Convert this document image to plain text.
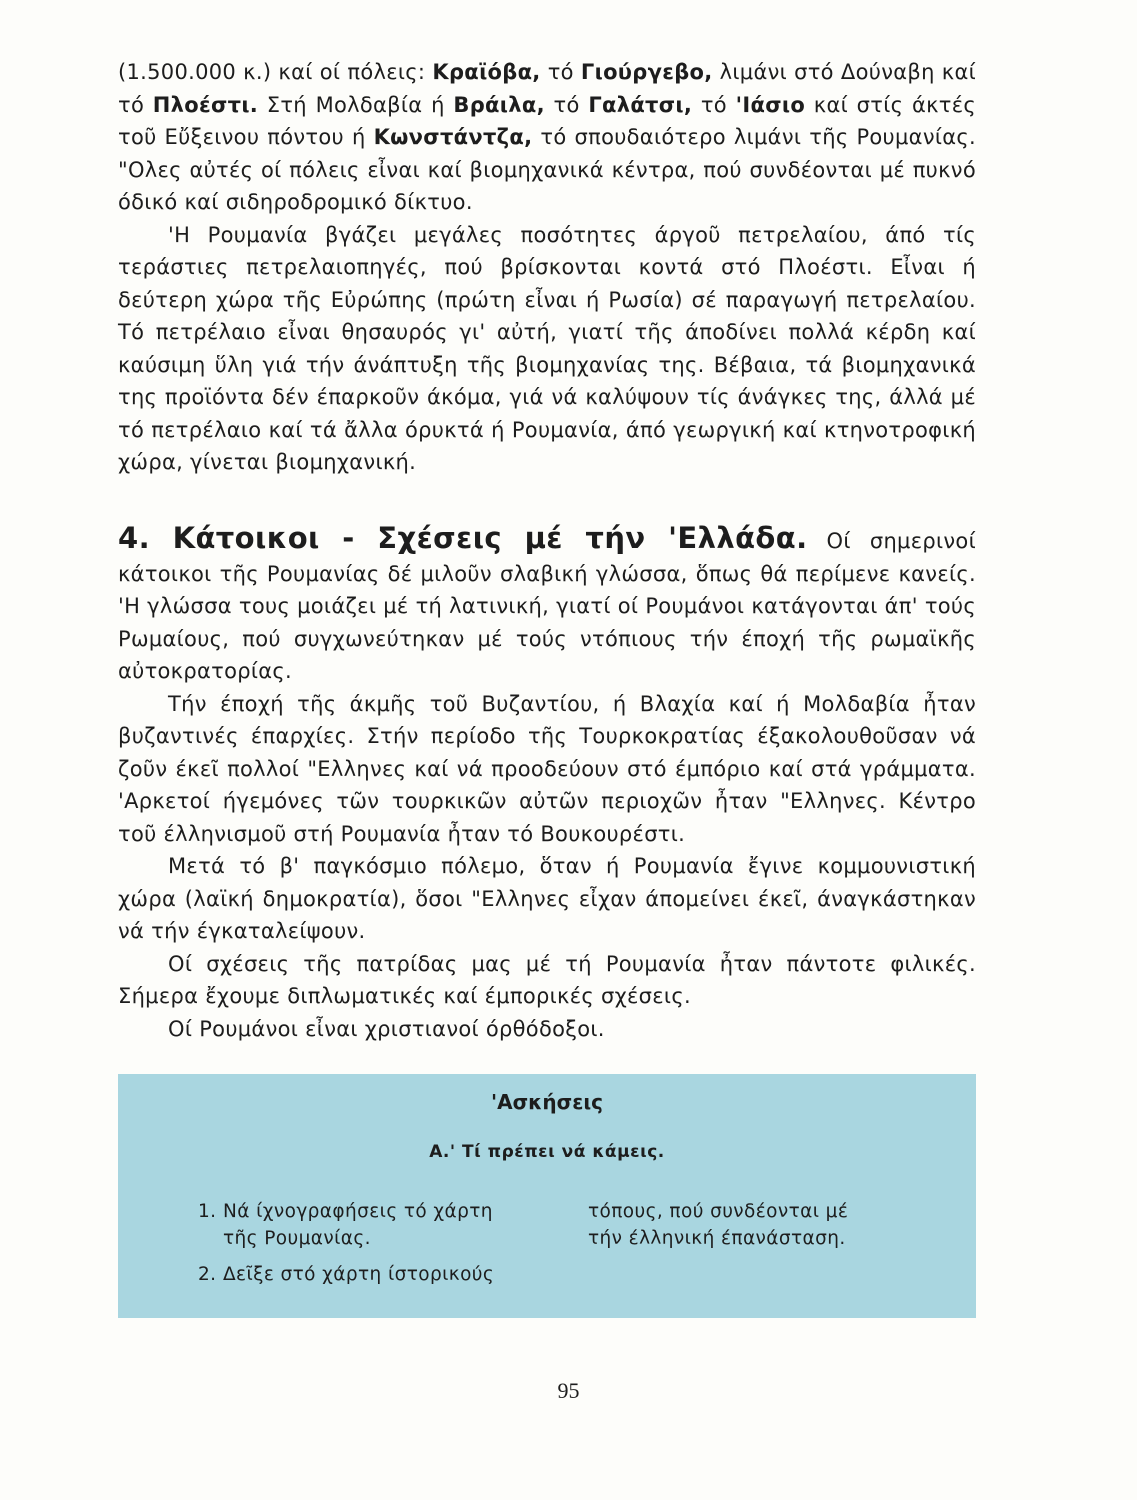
(1.500.000 κ.) καί οί πόλεις: Κραϊόβα, τό Γιούργεβο, λιμάνι στό Δούναβη καί τό Πλοέστι. Στή Μολδαβία ή Βράιλα, τό Γαλάτσι, τό 'Ιάσιο καί στίς άκτές τοῦ Εὔξεινου πόντου ή Κωνστάντζα, τό σπουδαιότερο λιμάνι τῆς Ρουμανίας. "Ολες αὐτές οί πόλεις εἶναι καί βιομηχανικά κέντρα, πού συνδέονται μέ πυκνό όδικό καί σιδηροδρομικό δίκτυο.

'Η Ρουμανία βγάζει μεγάλες ποσότητες άργοῦ πετρελαίου, άπό τίς τεράστιες πετρελαιοπηγές, πού βρίσκονται κοντά στό Πλοέστι. Εἶναι ή δεύτερη χώρα τῆς Εὐρώπης (πρώτη εἶναι ή Ρωσία) σέ παραγωγή πετρελαίου. Τό πετρέλαιο εἶναι θησαυρός γι' αὐτή, γιατί τῆς άποδίνει πολλά κέρδη καί καύσιμη ὕλη γιά τήν άνάπτυξη τῆς βιομηχανίας της. Βέβαια, τά βιομηχανικά της προϊόντα δέν έπαρκοῦν άκόμα, γιά νά καλύψουν τίς άνάγκες της, άλλά μέ τό πετρέλαιο καί τά ἄλλα όρυκτά ή Ρουμανία, άπό γεωργική καί κτηνοτροφική χώρα, γίνεται βιομηχανική.

4. Κάτοικοι - Σχέσεις μέ τήν 'Ελλάδα. Οί σημερινοί κάτοικοι τῆς Ρουμανίας δέ μιλοῦν σλαβική γλώσσα, ὅπως θά περίμενε κανείς. 'Η γλώσσα τους μοιάζει μέ τή λατινική, γιατί οί Ρουμάνοι κατάγονται άπ' τούς Ρωμαίους, πού συγχωνεύτηκαν μέ τούς ντόπιους τήν έποχή τῆς ρωμαϊκῆς αὐτοκρατορίας.

Τήν έποχή τῆς άκμῆς τοῦ Βυζαντίου, ή Βλαχία καί ή Μολδαβία ἦταν βυζαντινές έπαρχίες. Στήν περίοδο τῆς Τουρκοκρατίας έξακολουθοῦσαν νά ζοῦν έκεῖ πολλοί "Ελληνες καί νά προοδεύουν στό έμπόριο καί στά γράμματα. 'Αρκετοί ήγεμόνες τῶν τουρκικῶν αὐτῶν περιοχῶν ἦταν "Ελληνες. Κέντρο τοῦ έλληνισμοῦ στή Ρουμανία ἦταν τό Βουκουρέστι.

Μετά τό β' παγκόσμιο πόλεμο, ὅταν ή Ρουμανία ἔγινε κομμουνιστική χώρα (λαϊκή δημοκρατία), ὅσοι "Ελληνες εἶχαν άπομείνει έκεῖ, άναγκάστηκαν νά τήν έγκαταλείψουν.

Οί σχέσεις τῆς πατρίδας μας μέ τή Ρουμανία ἦταν πάντοτε φιλικές. Σήμερα ἔχουμε διπλωματικές καί έμπορικές σχέσεις.

Οί Ρουμάνοι εἶναι χριστιανοί όρθόδοξοι.

'Ασκήσεις
Α.' Τί πρέπει νά κάμεις.

1. Νά ίχνογραφήσεις τό χάρτη

τῆς Ρουμανίας.

2. Δεῖξε στό χάρτη ίστορικούς

τόπους, πού συνδέονται μέ

τήν έλληνική έπανάσταση.

95
